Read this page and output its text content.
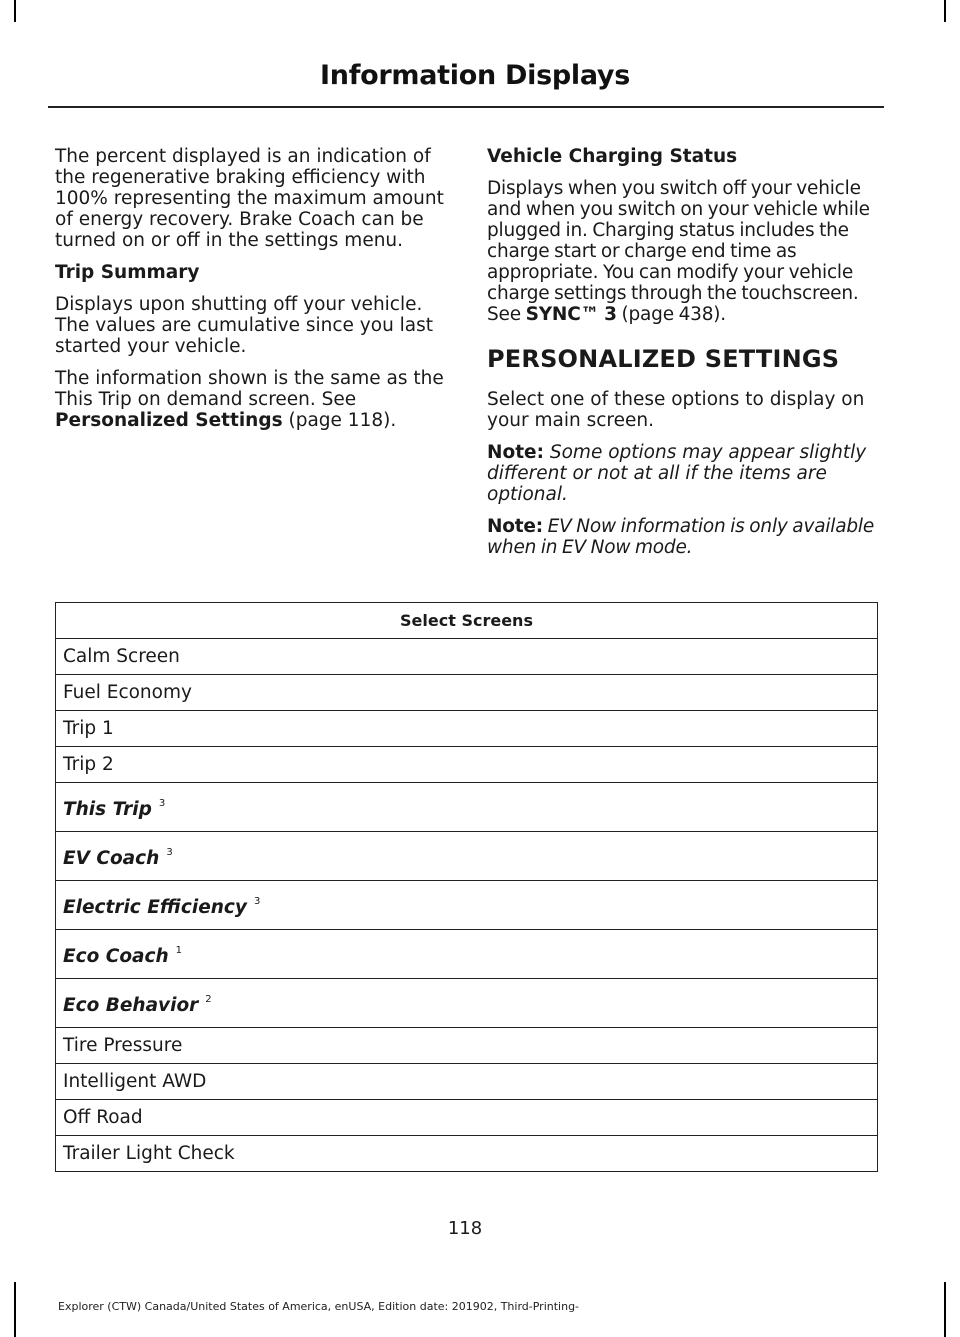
Information Displays

The percent displayed is an indication of the regenerative braking efficiency with 100% representing the maximum amount of energy recovery. Brake Coach can be turned on or off in the settings menu.

Trip Summary

Displays upon shutting off your vehicle. The values are cumulative since you last started your vehicle.

The information shown is the same as the This Trip on demand screen. See Personalized Settings (page 118).

Vehicle Charging Status

Displays when you switch off your vehicle and when you switch on your vehicle while plugged in. Charging status includes the charge start or charge end time as appropriate. You can modify your vehicle charge settings through the touchscreen. See SYNC™ 3 (page 438).

PERSONALIZED SETTINGS

Select one of these options to display on your main screen.

Note: Some options may appear slightly different or not at all if the items are optional.

Note: EV Now information is only available when in EV Now mode.

Select Screens
Calm Screen
Fuel Economy
Trip 1
Trip 2
This Trip $^3$
EV Coach $^3$
Electric Efficiency $^3$
Eco Coach $^1$
Eco Behavior $^2$
Tire Pressure
Intelligent AWD
Off Road
Trailer Light Check
118
Explorer (CTW) Canada/United States of America, enUSA, Edition date: 201902, Third-Printing-
